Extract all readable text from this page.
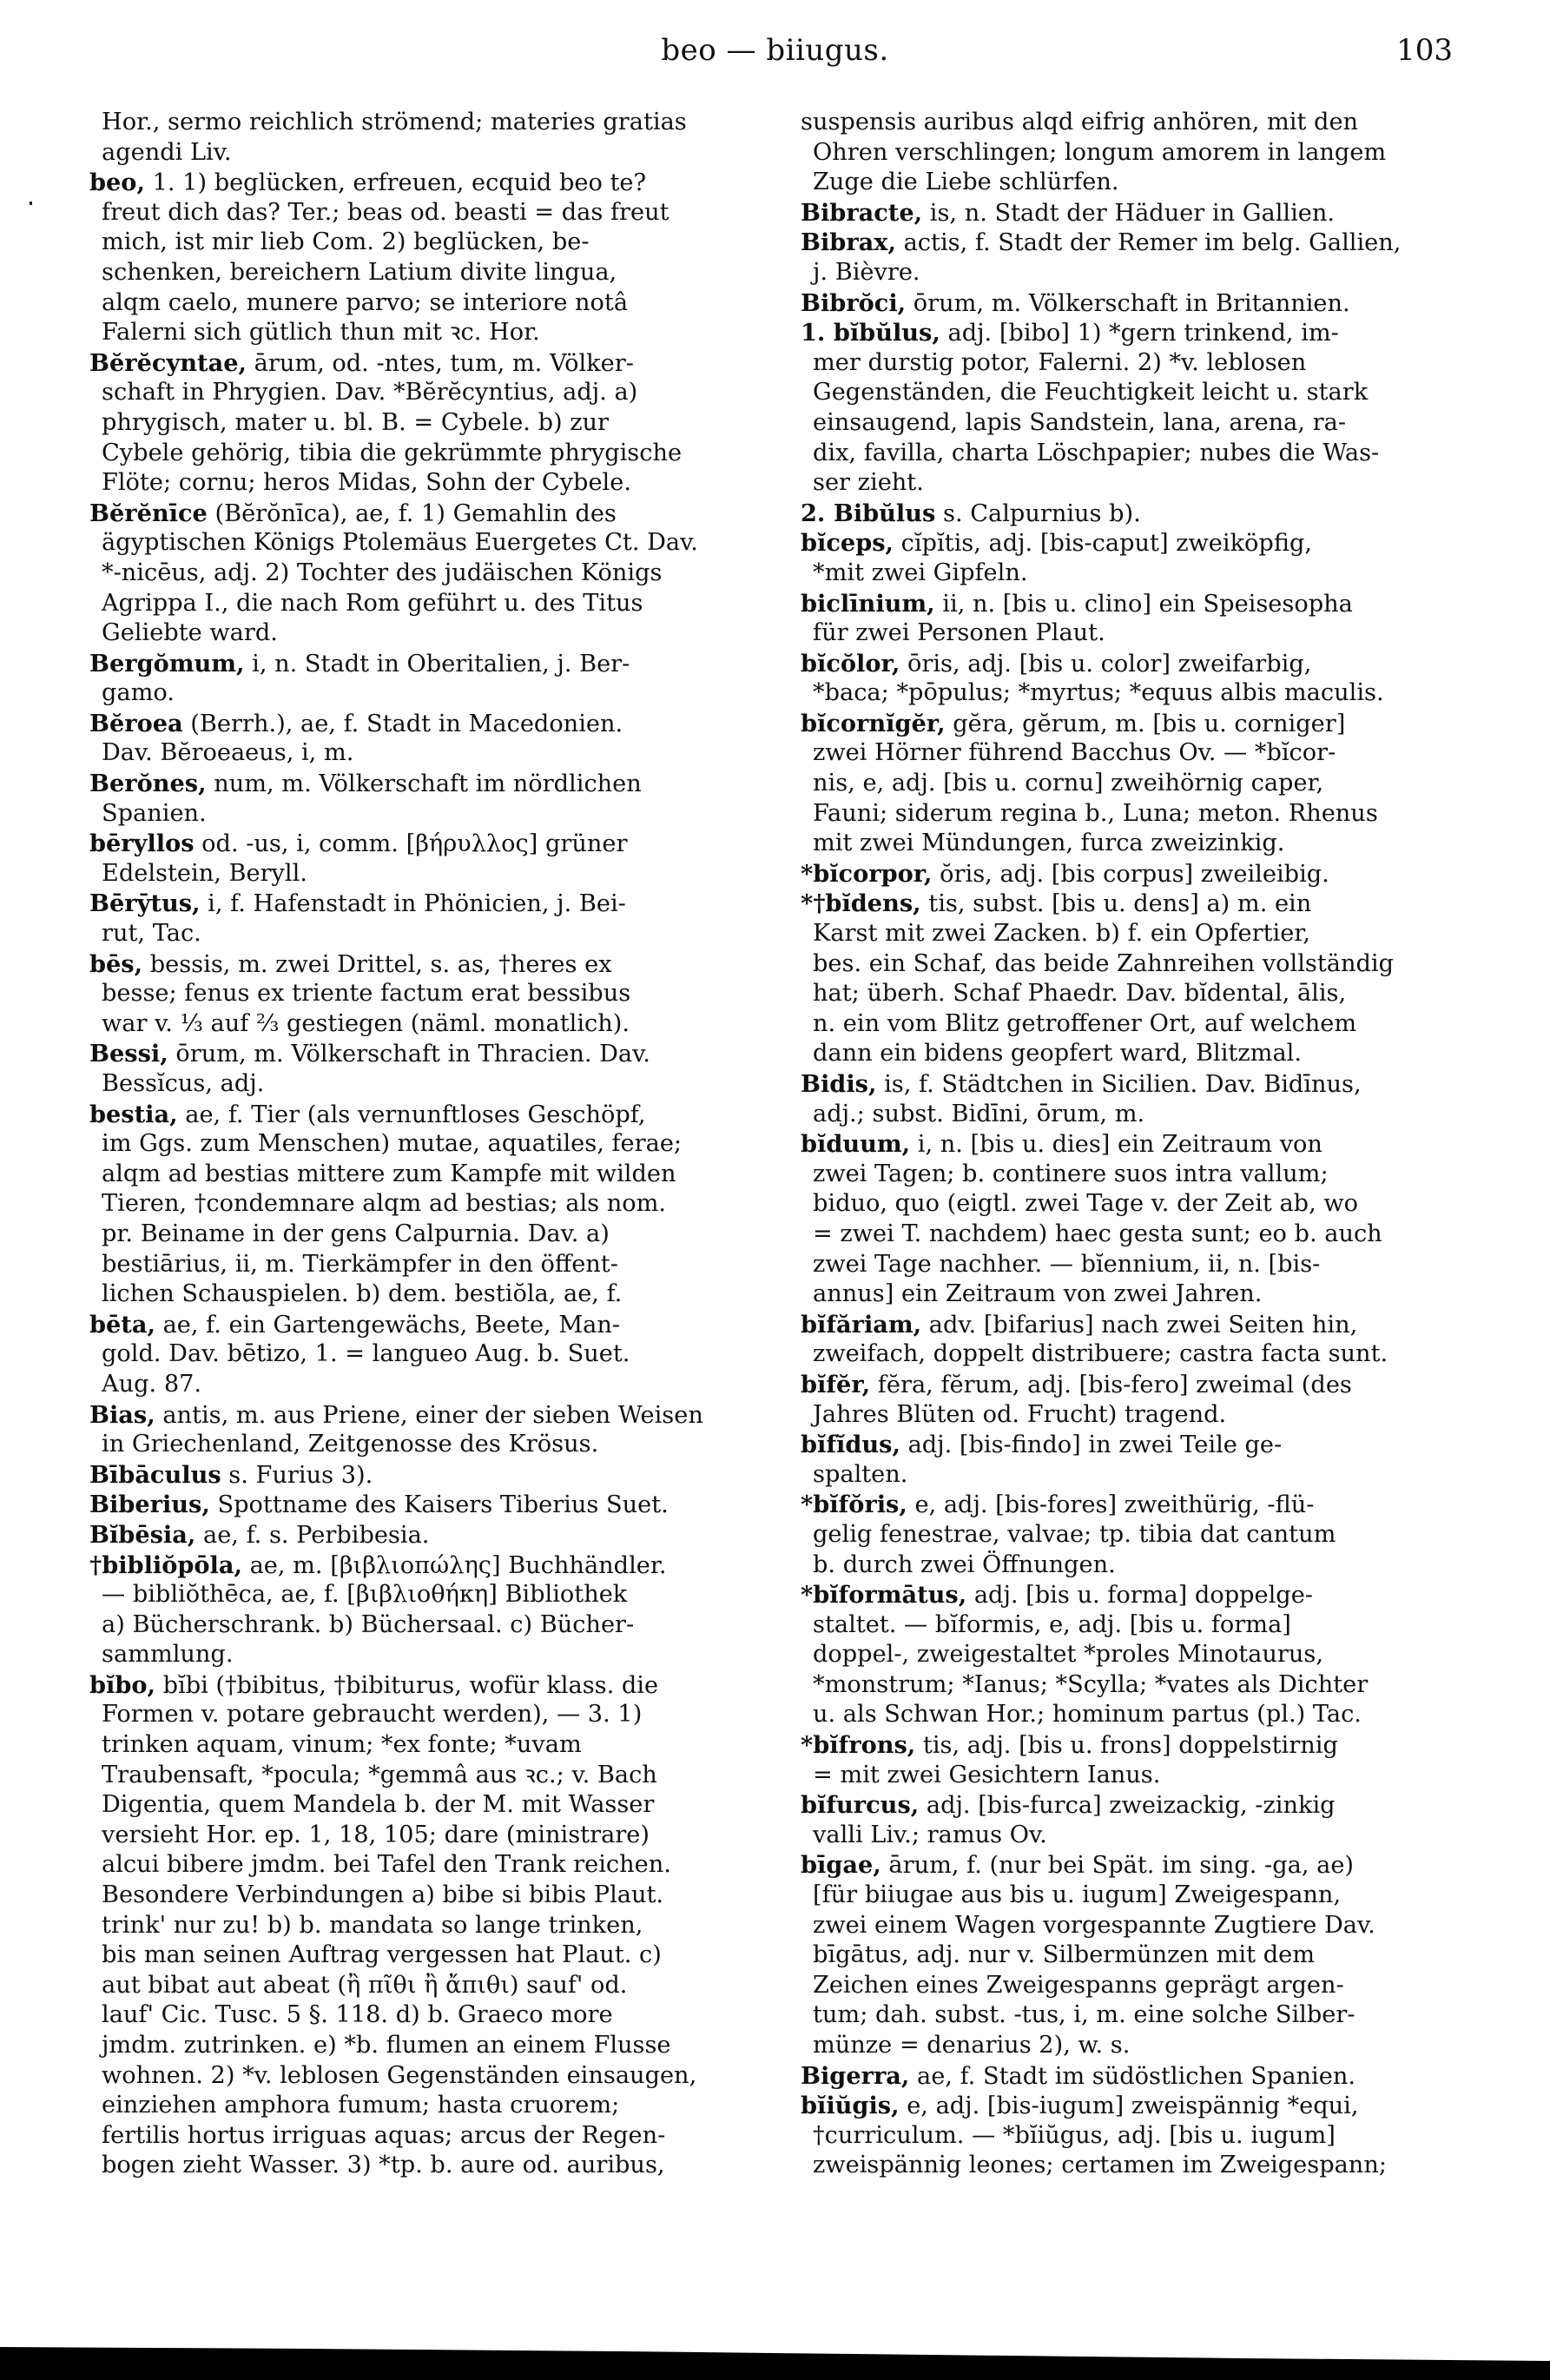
beo — biiugus.	103
Hor., sermo reichlich strömend; materies gratias
agendi Liv.
beo, 1. 1) beglücken, erfreuen, ecquid beo te?
freut dich das? Ter.; beas od. beasti = das freut
mich, ist mir lieb Com. 2) beglücken, be-
schenken, bereichern Latium divite lingua,
alqm caelo, munere parvo; se interiore notâ
Falerni sich gütlich thun mit ꝛc. Hor.
Bĕrĕcyntae, ārum, od. -ntes, tum, m. Völker-
schaft in Phrygien. Dav. *Bĕrĕcyntius, adj. a)
phrygisch, mater u. bl. B. = Cybele. b) zur
Cybele gehörig, tibia die gekrümmte phrygische
Flöte; cornu; heros Midas, Sohn der Cybele.
Bĕrĕnīce (Bĕrŏnīca), ae, f. 1) Gemahlin des
ägyptischen Königs Ptolemäus Euergetes Ct. Dav.
*-nicēus, adj. 2) Tochter des judäischen Königs
Agrippa I., die nach Rom geführt u. des Titus
Geliebte ward.
Bergŏmum, i, n. Stadt in Oberitalien, j. Ber-
gamo.
Bĕroea (Berrh.), ae, f. Stadt in Macedonien.
Dav. Bĕroeaeus, i, m.
Berŏnes, num, m. Völkerschaft im nördlichen
Spanien.
bēryllos od. -us, i, comm. [βήρυλλος] grüner
Edelstein, Beryll.
Bērȳtus, i, f. Hafenstadt in Phönicien, j. Bei-
rut, Tac.
bēs, bessis, m. zwei Drittel, s. as, †heres ex
besse; fenus ex triente factum erat bessibus
war v. ⅓ auf ⅔ gestiegen (näml. monatlich).
Bessi, ōrum, m. Völkerschaft in Thracien. Dav.
Bessĭcus, adj.
bestia, ae, f. Tier (als vernunftloses Geschöpf,
im Ggs. zum Menschen) mutae, aquatiles, ferae;
alqm ad bestias mittere zum Kampfe mit wilden
Tieren, †condemnare alqm ad bestias; als nom.
pr. Beiname in der gens Calpurnia. Dav. a)
bestiārius, ii, m. Tierkämpfer in den öffent-
lichen Schauspielen. b) dem. bestiŏla, ae, f.
bēta, ae, f. ein Gartengewächs, Beete, Man-
gold. Dav. bētizo, 1. = langueo Aug. b. Suet.
Aug. 87.
Bias, antis, m. aus Priene, einer der sieben Weisen
in Griechenland, Zeitgenosse des Krösus.
Bībāculus s. Furius 3).
Biberius, Spottname des Kaisers Tiberius Suet.
Bĭbēsia, ae, f. s. Perbibesia.
†bibliŏpōla, ae, m. [βιβλιοπώλης] Buchhändler.
— bibliŏthēca, ae, f. [βιβλιοθήκη] Bibliothek
a) Bücherschrank. b) Büchersaal. c) Bücher-
sammlung.
bĭbo, bĭbi (†bibitus, †bibiturus, wofür klass. die
Formen v. potare gebraucht werden), — 3. 1)
trinken aquam, vinum; *ex fonte; *uvam
Traubensaft, *pocula; *gemmâ aus ꝛc.; v. Bach
Digentia, quem Mandela b. der M. mit Wasser
versieht Hor. ep. 1, 18, 105; dare (ministrare)
alcui bibere jmdm. bei Tafel den Trank reichen.
Besondere Verbindungen a) bibe si bibis Plaut.
trink' nur zu! b) b. mandata so lange trinken,
bis man seinen Auftrag vergessen hat Plaut. c)
aut bibat aut abeat (ἢ πῖθι ἢ ἄπιθι) sauf' od.
lauf' Cic. Tusc. 5 §. 118. d) b. Graeco more
jmdm. zutrinken. e) *b. flumen an einem Flusse
wohnen. 2) *v. leblosen Gegenständen einsaugen,
einziehen amphora fumum; hasta cruorem;
fertilis hortus irriguas aquas; arcus der Regen-
bogen zieht Wasser. 3) *tp. b. aure od. auribus,
suspensis auribus alqd eifrig anhören, mit den
Ohren verschlingen; longum amorem in langem
Zuge die Liebe schlürfen.
Bibracte, is, n. Stadt der Häduer in Gallien.
Bibrax, actis, f. Stadt der Remer im belg. Gallien,
j. Bièvre.
Bibrŏci, ōrum, m. Völkerschaft in Britannien.
1. bĭbŭlus, adj. [bibo] 1) *gern trinkend, im-
mer durstig potor, Falerni. 2) *v. leblosen
Gegenständen, die Feuchtigkeit leicht u. stark
einsaugend, lapis Sandstein, lana, arena, ra-
dix, favilla, charta Löschpapier; nubes die Was-
ser zieht.
2. Bibŭlus s. Calpurnius b).
bĭceps, cĭpĭtis, adj. [bis-caput] zweiköpfig,
*mit zwei Gipfeln.
biclīnium, ii, n. [bis u. clino] ein Speisesopha
für zwei Personen Plaut.
bĭcŏlor, ōris, adj. [bis u. color] zweifarbig,
*baca; *pōpulus; *myrtus; *equus albis maculis.
bĭcornĭgĕr, gĕra, gĕrum, m. [bis u. corniger]
zwei Hörner führend Bacchus Ov. — *bĭcor-
nis, e, adj. [bis u. cornu] zweihörnig caper,
Fauni; siderum regina b., Luna; meton. Rhenus
mit zwei Mündungen, furca zweizinkig.
*bĭcorpor, ŏris, adj. [bis corpus] zweileibig.
*†bĭdens, tis, subst. [bis u. dens] a) m. ein
Karst mit zwei Zacken. b) f. ein Opfertier,
bes. ein Schaf, das beide Zahnreihen vollständig
hat; überh. Schaf Phaedr. Dav. bĭdental, ālis,
n. ein vom Blitz getroffener Ort, auf welchem
dann ein bidens geopfert ward, Blitzmal.
Bidis, is, f. Städtchen in Sicilien. Dav. Bidīnus,
adj.; subst. Bidīni, ōrum, m.
bĭduum, i, n. [bis u. dies] ein Zeitraum von
zwei Tagen; b. continere suos intra vallum;
biduo, quo (eigtl. zwei Tage v. der Zeit ab, wo
= zwei T. nachdem) haec gesta sunt; eo b. auch
zwei Tage nachher. — bĭennium, ii, n. [bis-
annus] ein Zeitraum von zwei Jahren.
bĭfăriam, adv. [bifarius] nach zwei Seiten hin,
zweifach, doppelt distribuere; castra facta sunt.
bĭfĕr, fĕra, fĕrum, adj. [bis-fero] zweimal (des
Jahres Blüten od. Frucht) tragend.
bĭfĭdus, adj. [bis-findo] in zwei Teile ge-
spalten.
*bĭfŏris, e, adj. [bis-fores] zweithürig, -flü-
gelig fenestrae, valvae; tp. tibia dat cantum
b. durch zwei Öffnungen.
*bĭformātus, adj. [bis u. forma] doppelge-
staltet. — bĭformis, e, adj. [bis u. forma]
doppel-, zweigestaltet *proles Minotaurus,
*monstrum; *Ianus; *Scylla; *vates als Dichter
u. als Schwan Hor.; hominum partus (pl.) Tac.
*bĭfrons, tis, adj. [bis u. frons] doppelstirnig
= mit zwei Gesichtern Ianus.
bĭfurcus, adj. [bis-furca] zweizackig, -zinkig
valli Liv.; ramus Ov.
bīgae, ārum, f. (nur bei Spät. im sing. -ga, ae)
[für biiugae aus bis u. iugum] Zweigespann,
zwei einem Wagen vorgespannte Zugtiere Dav.
bīgātus, adj. nur v. Silbermünzen mit dem
Zeichen eines Zweigespanns geprägt argen-
tum; dah. subst. -tus, i, m. eine solche Silber-
münze = denarius 2), w. s.
Bigerra, ae, f. Stadt im südöstlichen Spanien.
bĭiŭgis, e, adj. [bis-iugum] zweispännig *equi,
†curriculum. — *bĭiŭgus, adj. [bis u. iugum]
zweispännig leones; certamen im Zweigespann;
